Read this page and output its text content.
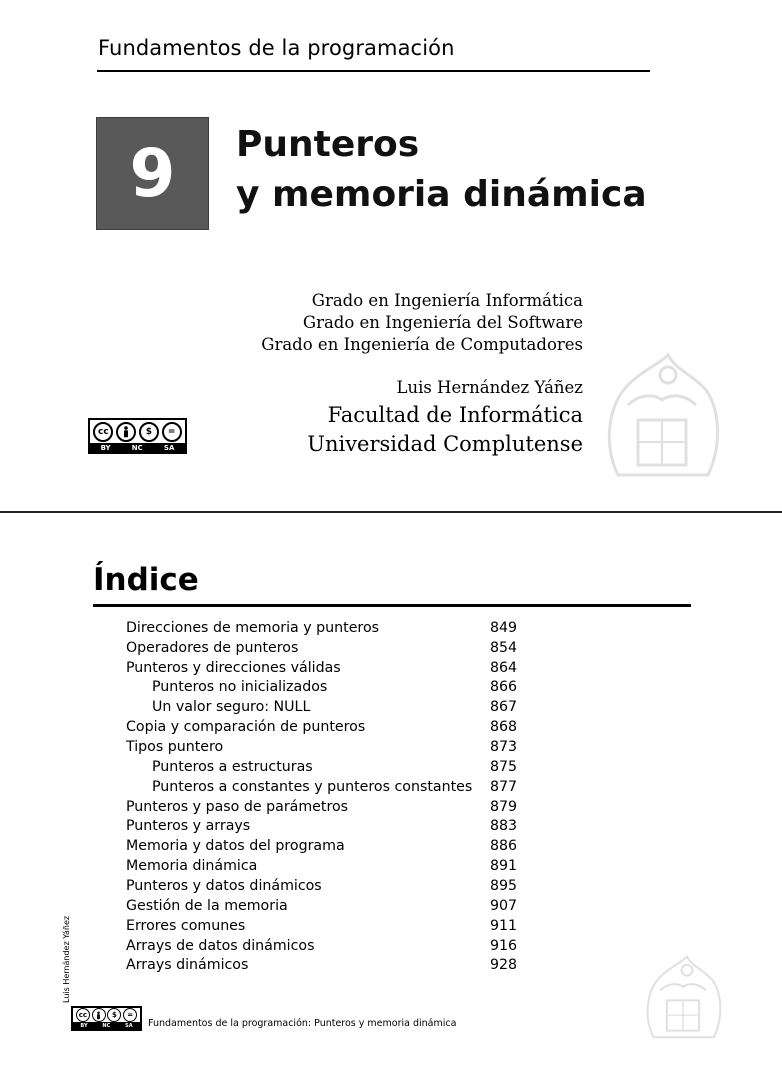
Fundamentos de la programación
9 Punteros
y memoria dinámica
Grado en Ingeniería Informática
Grado en Ingeniería del Software
Grado en Ingeniería de Computadores
Luis Hernández Yáñez
Facultad de Informática
Universidad Complutense
cc	$	=
BY	NC	SA
Índice
Direcciones de memoria y punteros	849
Operadores de punteros	854
Punteros y direcciones válidas	864
Punteros no inicializados	866
Un valor seguro: NULL	867
Copia y comparación de punteros	868
Tipos puntero	873
Punteros a estructuras	875
Punteros a constantes y punteros constantes 877
Punteros y paso de parámetros	879
Punteros y arrays	883
Memoria y datos del programa	886
Memoria dinámica	891
Punteros y datos dinámicos	895
Gestión de la memoria	907
Errores comunes	911
Arrays de datos dinámicos	916
Arrays dinámicos	928
Luis Hernández Yáñez
cc	$	=
BY	NC	SA Fundamentos de la programación: Punteros y memoria dinámica
